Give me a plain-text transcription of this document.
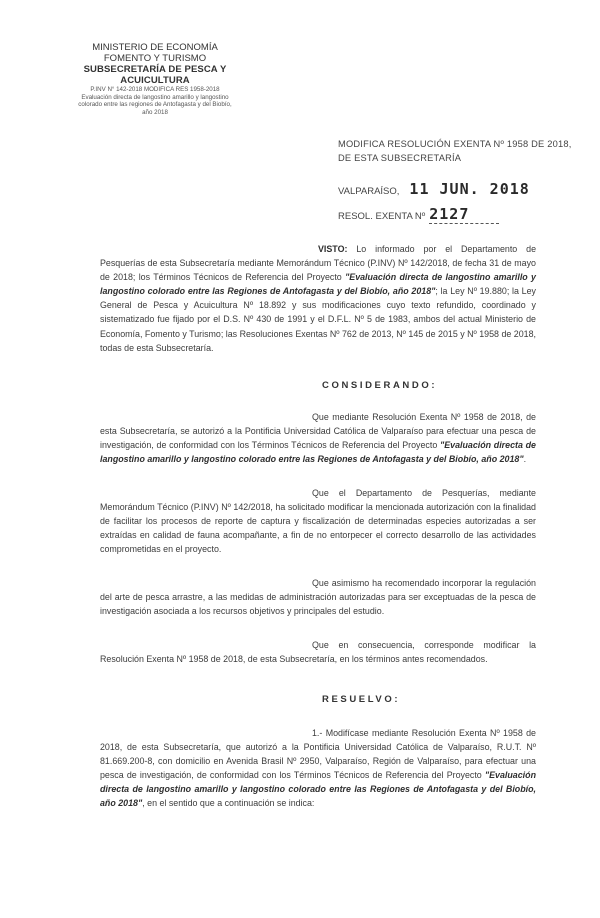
MINISTERIO DE ECONOMÍA
FOMENTO Y TURISMO
SUBSECRETARÍA DE PESCA Y ACUICULTURA
P.INV N° 142-2018 MODIFICA RES 1958-2018
Evaluación directa de langostino amarillo y langostino
colorado entre las regiones de Antofagasta y del Biobío,
año 2018
MODIFICA RESOLUCIÓN EXENTA Nº 1958 DE 2018, DE ESTA SUBSECRETARÍA
VALPARAÍSO, 11 JUN. 2018
RESOL. EXENTA Nº 2127
VISTO: Lo informado por el Departamento de Pesquerías de esta Subsecretaría mediante Memorándum Técnico (P.INV) Nº 142/2018, de fecha 31 de mayo de 2018; los Términos Técnicos de Referencia del Proyecto "Evaluación directa de langostino amarillo y langostino colorado entre las Regiones de Antofagasta y del Biobío, año 2018"; la Ley Nº 19.880; la Ley General de Pesca y Acuicultura Nº 18.892 y sus modificaciones cuyo texto refundido, coordinado y sistematizado fue fijado por el D.S. Nº 430 de 1991 y el D.F.L. Nº 5 de 1983, ambos del actual Ministerio de Economía, Fomento y Turismo; las Resoluciones Exentas Nº 762 de 2013, Nº 145 de 2015 y Nº 1958 de 2018, todas de esta Subsecretaría.
CONSIDERANDO:
Que mediante Resolución Exenta Nº 1958 de 2018, de esta Subsecretaría, se autorizó a la Pontificia Universidad Católica de Valparaíso para efectuar una pesca de investigación, de conformidad con los Términos Técnicos de Referencia del Proyecto "Evaluación directa de langostino amarillo y langostino colorado entre las Regiones de Antofagasta y del Biobío, año 2018".
Que el Departamento de Pesquerías, mediante Memorándum Técnico (P.INV) Nº 142/2018, ha solicitado modificar la mencionada autorización con la finalidad de facilitar los procesos de reporte de captura y fiscalización de determinadas especies autorizadas a ser extraídas en calidad de fauna acompañante, a fin de no entorpecer el correcto desarrollo de las actividades comprometidas en el proyecto.
Que asimismo ha recomendado incorporar la regulación del arte de pesca arrastre, a las medidas de administración autorizadas para ser exceptuadas de la pesca de investigación asociada a los recursos objetivos y principales del estudio.
Que en consecuencia, corresponde modificar la Resolución Exenta Nº 1958 de 2018, de esta Subsecretaría, en los términos antes recomendados.
RESUELVO:
1.- Modifícase mediante Resolución Exenta Nº 1958 de 2018, de esta Subsecretaría, que autorizó a la Pontificia Universidad Católica de Valparaíso, R.U.T. Nº 81.669.200-8, con domicilio en Avenida Brasil Nº 2950, Valparaíso, Región de Valparaíso, para efectuar una pesca de investigación, de conformidad con los Términos Técnicos de Referencia del Proyecto "Evaluación directa de langostino amarillo y langostino colorado entre las Regiones de Antofagasta y del Biobío, año 2018", en el sentido que a continuación se indica:
